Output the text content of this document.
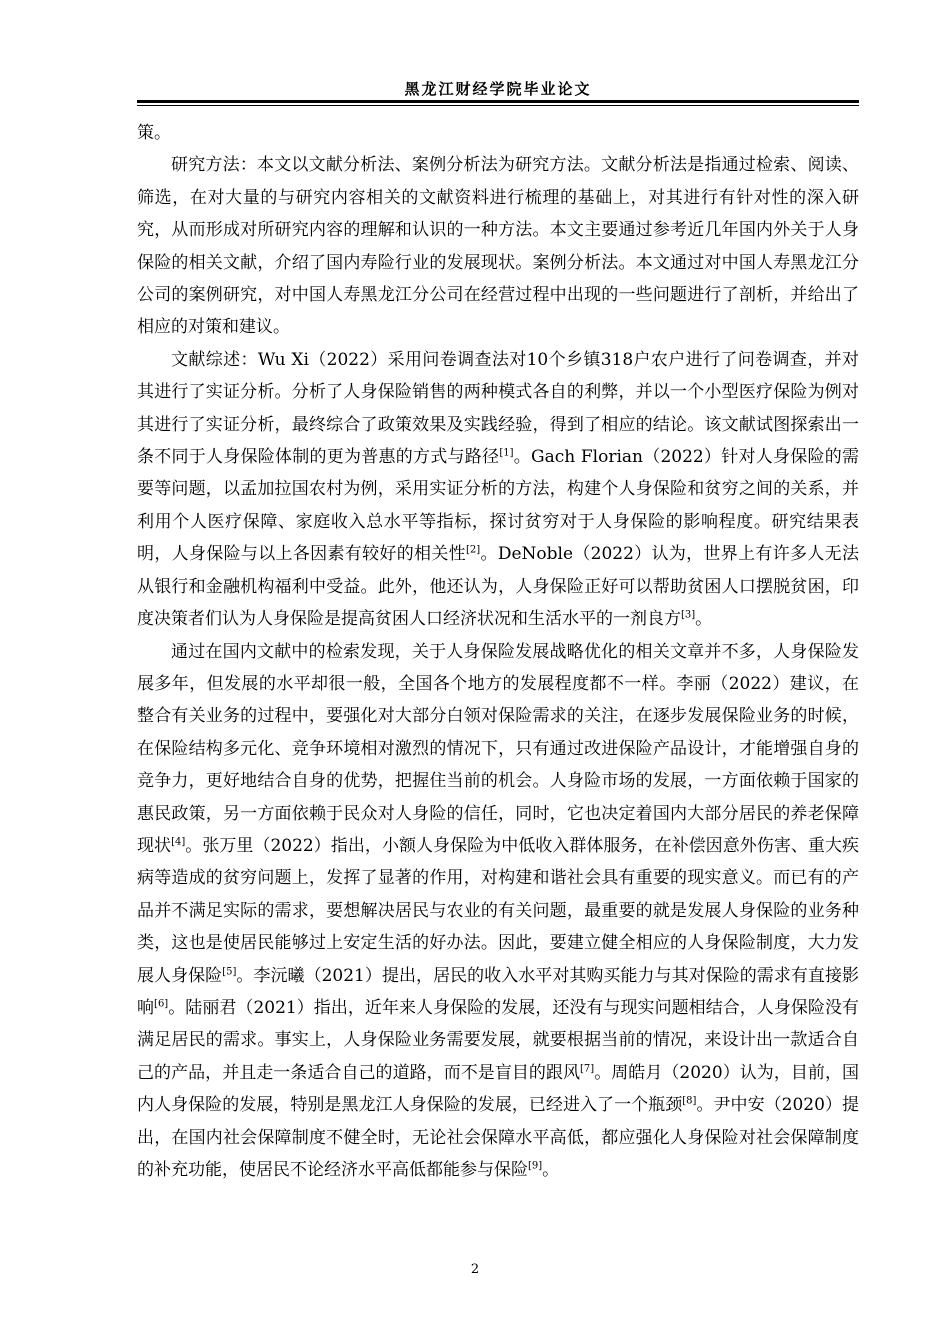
黑龙江财经学院毕业论文

策。

研究方法：本文以文献分析法、案例分析法为研究方法。文献分析法是指通过检索、阅读、筛选，在对大量的与研究内容相关的文献资料进行梳理的基础上，对其进行有针对性的深入研究，从而形成对所研究内容的理解和认识的一种方法。本文主要通过参考近几年国内外关于人身保险的相关文献，介绍了国内寿险行业的发展现状。案例分析法。本文通过对中国人寿黑龙江分公司的案例研究，对中国人寿黑龙江分公司在经营过程中出现的一些问题进行了剖析，并给出了相应的对策和建议。

文献综述：Wu Xi（2022）采用问卷调查法对10个乡镇318户农户进行了问卷调查，并对其进行了实证分析。分析了人身保险销售的两种模式各自的利弊，并以一个小型医疗保险为例对其进行了实证分析，最终综合了政策效果及实践经验，得到了相应的结论。该文献试图探索出一条不同于人身保险体制的更为普惠的方式与路径[1]。Gach Florian（2022）针对人身保险的需要等问题，以孟加拉国农村为例，采用实证分析的方法，构建个人身保险和贫穷之间的关系，并利用个人医疗保障、家庭收入总水平等指标，探讨贫穷对于人身保险的影响程度。研究结果表明，人身保险与以上各因素有较好的相关性[2]。DeNoble（2022）认为，世界上有许多人无法从银行和金融机构福利中受益。此外，他还认为，人身保险正好可以帮助贫困人口摆脱贫困，印度决策者们认为人身保险是提高贫困人口经济状况和生活水平的一剂良方[3]。

通过在国内文献中的检索发现，关于人身保险发展战略优化的相关文章并不多，人身保险发展多年，但发展的水平却很一般，全国各个地方的发展程度都不一样。李丽（2022）建议，在整合有关业务的过程中，要强化对大部分白领对保险需求的关注，在逐步发展保险业务的时候，在保险结构多元化、竞争环境相对激烈的情况下，只有通过改进保险产品设计，才能增强自身的竞争力，更好地结合自身的优势，把握住当前的机会。人身险市场的发展，一方面依赖于国家的惠民政策，另一方面依赖于民众对人身险的信任，同时，它也决定着国内大部分居民的养老保障现状[4]。张万里（2022）指出，小额人身保险为中低收入群体服务，在补偿因意外伤害、重大疾病等造成的贫穷问题上，发挥了显著的作用，对构建和谐社会具有重要的现实意义。而已有的产品并不满足实际的需求，要想解决居民与农业的有关问题，最重要的就是发展人身保险的业务种类，这也是使居民能够过上安定生活的好办法。因此，要建立健全相应的人身保险制度，大力发展人身保险[5]。李沅曦（2021）提出，居民的收入水平对其购买能力与其对保险的需求有直接影响[6]。陆丽君（2021）指出，近年来人身保险的发展，还没有与现实问题相结合，人身保险没有满足居民的需求。事实上，人身保险业务需要发展，就要根据当前的情况，来设计出一款适合自己的产品，并且走一条适合自己的道路，而不是盲目的跟风[7]。周皓月（2020）认为，目前，国内人身保险的发展，特别是黑龙江人身保险的发展，已经进入了一个瓶颈[8]。尹中安（2020）提出，在国内社会保障制度不健全时，无论社会保障水平高低，都应强化人身保险对社会保障制度的补充功能，使居民不论经济水平高低都能参与保险[9]。

2
